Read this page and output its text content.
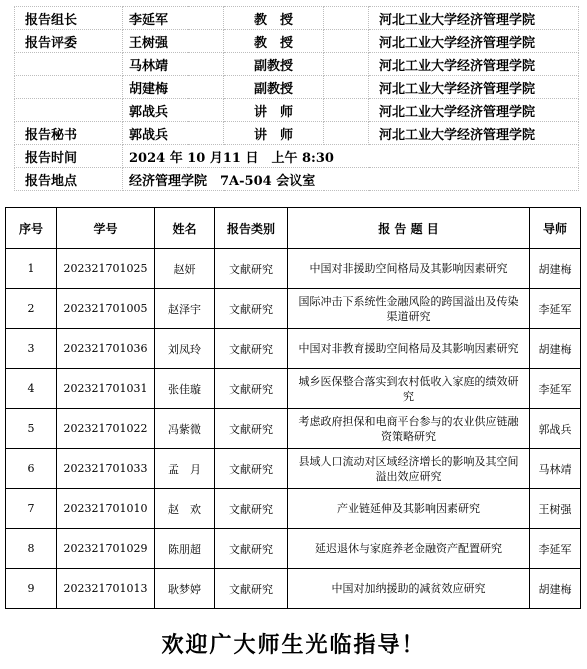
报告组长	李延军	教　授		河北工业大学经济管理学院
报告评委	王树强	教　授		河北工业大学经济管理学院
	马林靖	副教授		河北工业大学经济管理学院
	胡建梅	副教授		河北工业大学经济管理学院
	郭战兵	讲　师		河北工业大学经济管理学院
报告秘书	郭战兵	讲　师		河北工业大学经济管理学院
报告时间	2024 年 10 月11 日　上午 8:30			
报告地点	经济管理学院　7A-504 会议室			
序号	学号	姓名	报告类别	报 告 题 目	导师
1	202321701025	赵妍	文献研究	中国对非援助空间格局及其影响因素研究	胡建梅
2	202321701005	赵泽宇	文献研究	国际冲击下系统性金融风险的跨国溢出及传染渠道研究	李延军
3	202321701036	刘凤玲	文献研究	中国对非教育援助空间格局及其影响因素研究	胡建梅
4	202321701031	张佳璇	文献研究	城乡医保整合落实到农村低收入家庭的绩效研究	李延军
5	202321701022	冯紫微	文献研究	考虑政府担保和电商平台参与的农业供应链融资策略研究	郭战兵
6	202321701033	孟　月	文献研究	县域人口流动对区域经济增长的影响及其空间溢出效应研究	马林靖
7	202321701010	赵　欢	文献研究	产业链延伸及其影响因素研究	王树强
8	202321701029	陈朋超	文献研究	延迟退休与家庭养老金融资产配置研究	李延军
9	202321701013	耿梦婷	文献研究	中国对加纳援助的减贫效应研究	胡建梅
欢迎广大师生光临指导！
